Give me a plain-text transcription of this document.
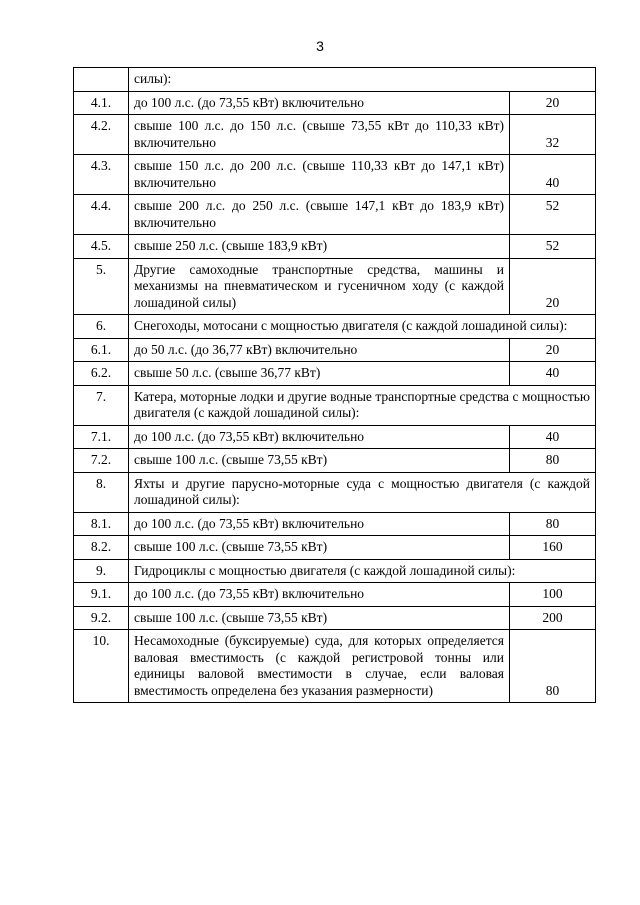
3
	силы):	
4.1.	до 100 л.с. (до 73,55 кВт) включительно	20
4.2.	свыше 100 л.с. до 150 л.с. (свыше 73,55 кВт до 110,33 кВт) включительно	32
4.3.	свыше 150 л.с. до 200 л.с. (свыше 110,33 кВт до 147,1 кВт) включительно	40
4.4.	свыше 200 л.с. до 250 л.с. (свыше 147,1 кВт до 183,9 кВт) включительно	52
4.5.	свыше 250 л.с. (свыше 183,9 кВт)	52
5.	Другие самоходные транспортные средства, машины и механизмы на пневматическом и гусеничном ходу (с каждой лошадиной силы)	20
6.	Снегоходы, мотосани с мощностью двигателя (с каждой лошадиной силы):	
6.1.	до 50 л.с. (до 36,77 кВт) включительно	20
6.2.	свыше 50 л.с. (свыше 36,77 кВт)	40
7.	Катера, моторные лодки и другие водные транспортные средства с мощностью двигателя (с каждой лошадиной силы):	
7.1.	до 100 л.с. (до 73,55 кВт) включительно	40
7.2.	свыше 100 л.с. (свыше 73,55 кВт)	80
8.	Яхты и другие парусно-моторные суда с мощностью двигателя (с каждой лошадиной силы):	
8.1.	до 100 л.с. (до 73,55 кВт) включительно	80
8.2.	свыше 100 л.с. (свыше 73,55 кВт)	160
9.	Гидроциклы с мощностью двигателя (с каждой лошадиной силы):	
9.1.	до 100 л.с. (до 73,55 кВт) включительно	100
9.2.	свыше 100 л.с. (свыше 73,55 кВт)	200
10.	Несамоходные (буксируемые) суда, для которых определяется валовая вместимость (с каждой регистровой тонны или единицы валовой вместимости в случае, если валовая вместимость определена без указания размерности)	80
